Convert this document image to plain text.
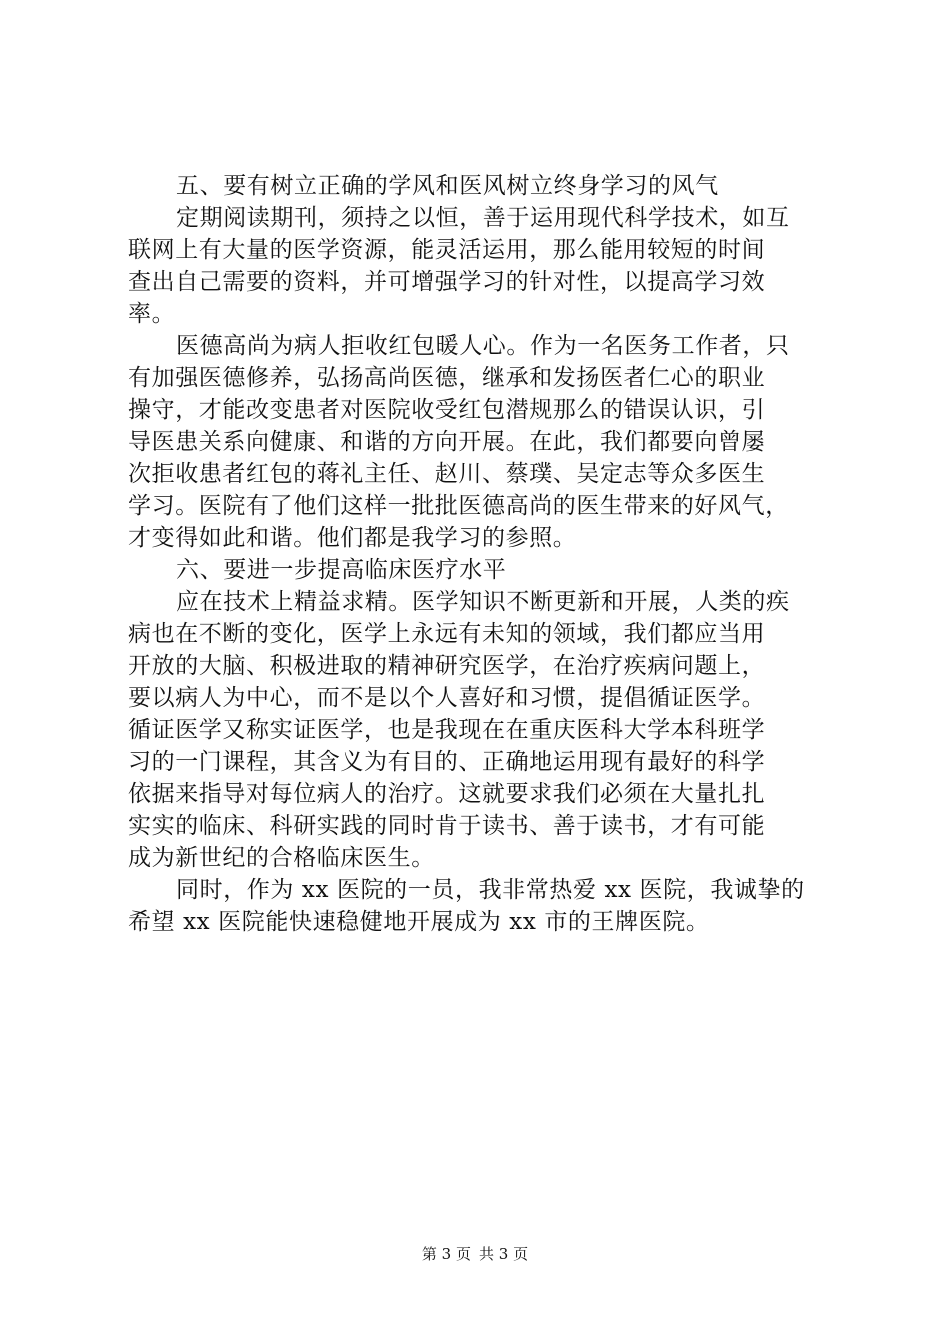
五、要有树立正确的学风和医风树立终身学习的风气
定期阅读期刊，须持之以恒，善于运用现代科学技术，如互
联网上有大量的医学资源，能灵活运用，那么能用较短的时间
查出自己需要的资料，并可增强学习的针对性，以提高学习效
率。
医德高尚为病人拒收红包暖人心。作为一名医务工作者，只
有加强医德修养，弘扬高尚医德，继承和发扬医者仁心的职业
操守，才能改变患者对医院收受红包潜规那么的错误认识，引
导医患关系向健康、和谐的方向开展。在此，我们都要向曾屡
次拒收患者红包的蒋礼主任、赵川、蔡璞、吴定志等众多医生
学习。医院有了他们这样一批批医德高尚的医生带来的好风气，
才变得如此和谐。他们都是我学习的参照。
六、要进一步提高临床医疗水平
应在技术上精益求精。医学知识不断更新和开展，人类的疾
病也在不断的变化，医学上永远有未知的领域，我们都应当用
开放的大脑、积极进取的精神研究医学，在治疗疾病问题上，
要以病人为中心，而不是以个人喜好和习惯，提倡循证医学。
循证医学又称实证医学，也是我现在在重庆医科大学本科班学
习的一门课程，其含义为有目的、正确地运用现有最好的科学
依据来指导对每位病人的治疗。这就要求我们必须在大量扎扎
实实的临床、科研实践的同时肯于读书、善于读书，才有可能
成为新世纪的合格临床医生。
同时，作为 xx 医院的一员，我非常热爱 xx 医院，我诚挚的
希望 xx 医院能快速稳健地开展成为 xx 市的王牌医院。
第 3 页 共 3 页
